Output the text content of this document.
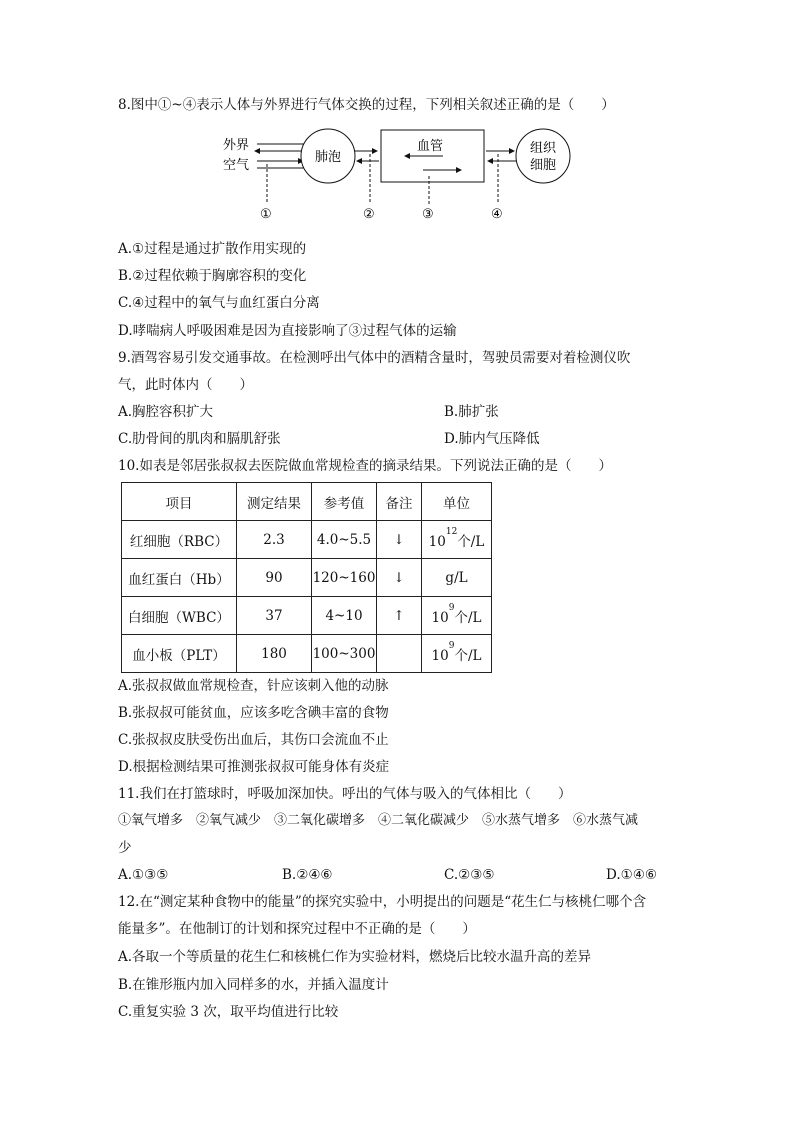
8.图中①~④表示人体与外界进行气体交换的过程，下列相关叙述正确的是（　　）
外界
空气
肺泡
血管	组织
细胞
①	②	③	④
A.①过程是通过扩散作用实现的
B.②过程依赖于胸廓容积的变化
C.④过程中的氧气与血红蛋白分离
D.哮喘病人呼吸困难是因为直接影响了③过程气体的运输
9.酒驾容易引发交通事故。在检测呼出气体中的酒精含量时，驾驶员需要对着检测仪吹
气，此时体内（　　）
A.胸腔容积扩大	B.肺扩张
C.肋骨间的肌肉和膈肌舒张	D.肺内气压降低
10.如表是邻居张叔叔去医院做血常规检查的摘录结果。下列说法正确的是（　　）
项目	测定结果	参考值	备注	单位
红细胞（RBC）	2.3	4.0~5.5	↓	$10^{12}$个/L
血红蛋白（Hb）	90	120~160	↓	g/L
白细胞（WBC）	37	4~10	↑	$10^9$个/L
血小板（PLT）	180	100~300		$10^9$个/L
A.张叔叔做血常规检查，针应该刺入他的动脉
B.张叔叔可能贫血，应该多吃含碘丰富的食物
C.张叔叔皮肤受伤出血后，其伤口会流血不止
D.根据检测结果可推测张叔叔可能身体有炎症
11.我们在打篮球时，呼吸加深加快。呼出的气体与吸入的气体相比（　　）
①氧气增多　②氧气减少　③二氧化碳增多　④二氧化碳减少　⑤水蒸气增多　⑥水蒸气减
少
A.①③⑤	B.②④⑥	C.②③⑤	D.①④⑥
12.在“测定某种食物中的能量”的探究实验中，小明提出的问题是“花生仁与核桃仁哪个含
能量多”。在他制订的计划和探究过程中不正确的是（　　）
A.各取一个等质量的花生仁和核桃仁作为实验材料，燃烧后比较水温升高的差异
B.在锥形瓶内加入同样多的水，并插入温度计
C.重复实验 3 次，取平均值进行比较
